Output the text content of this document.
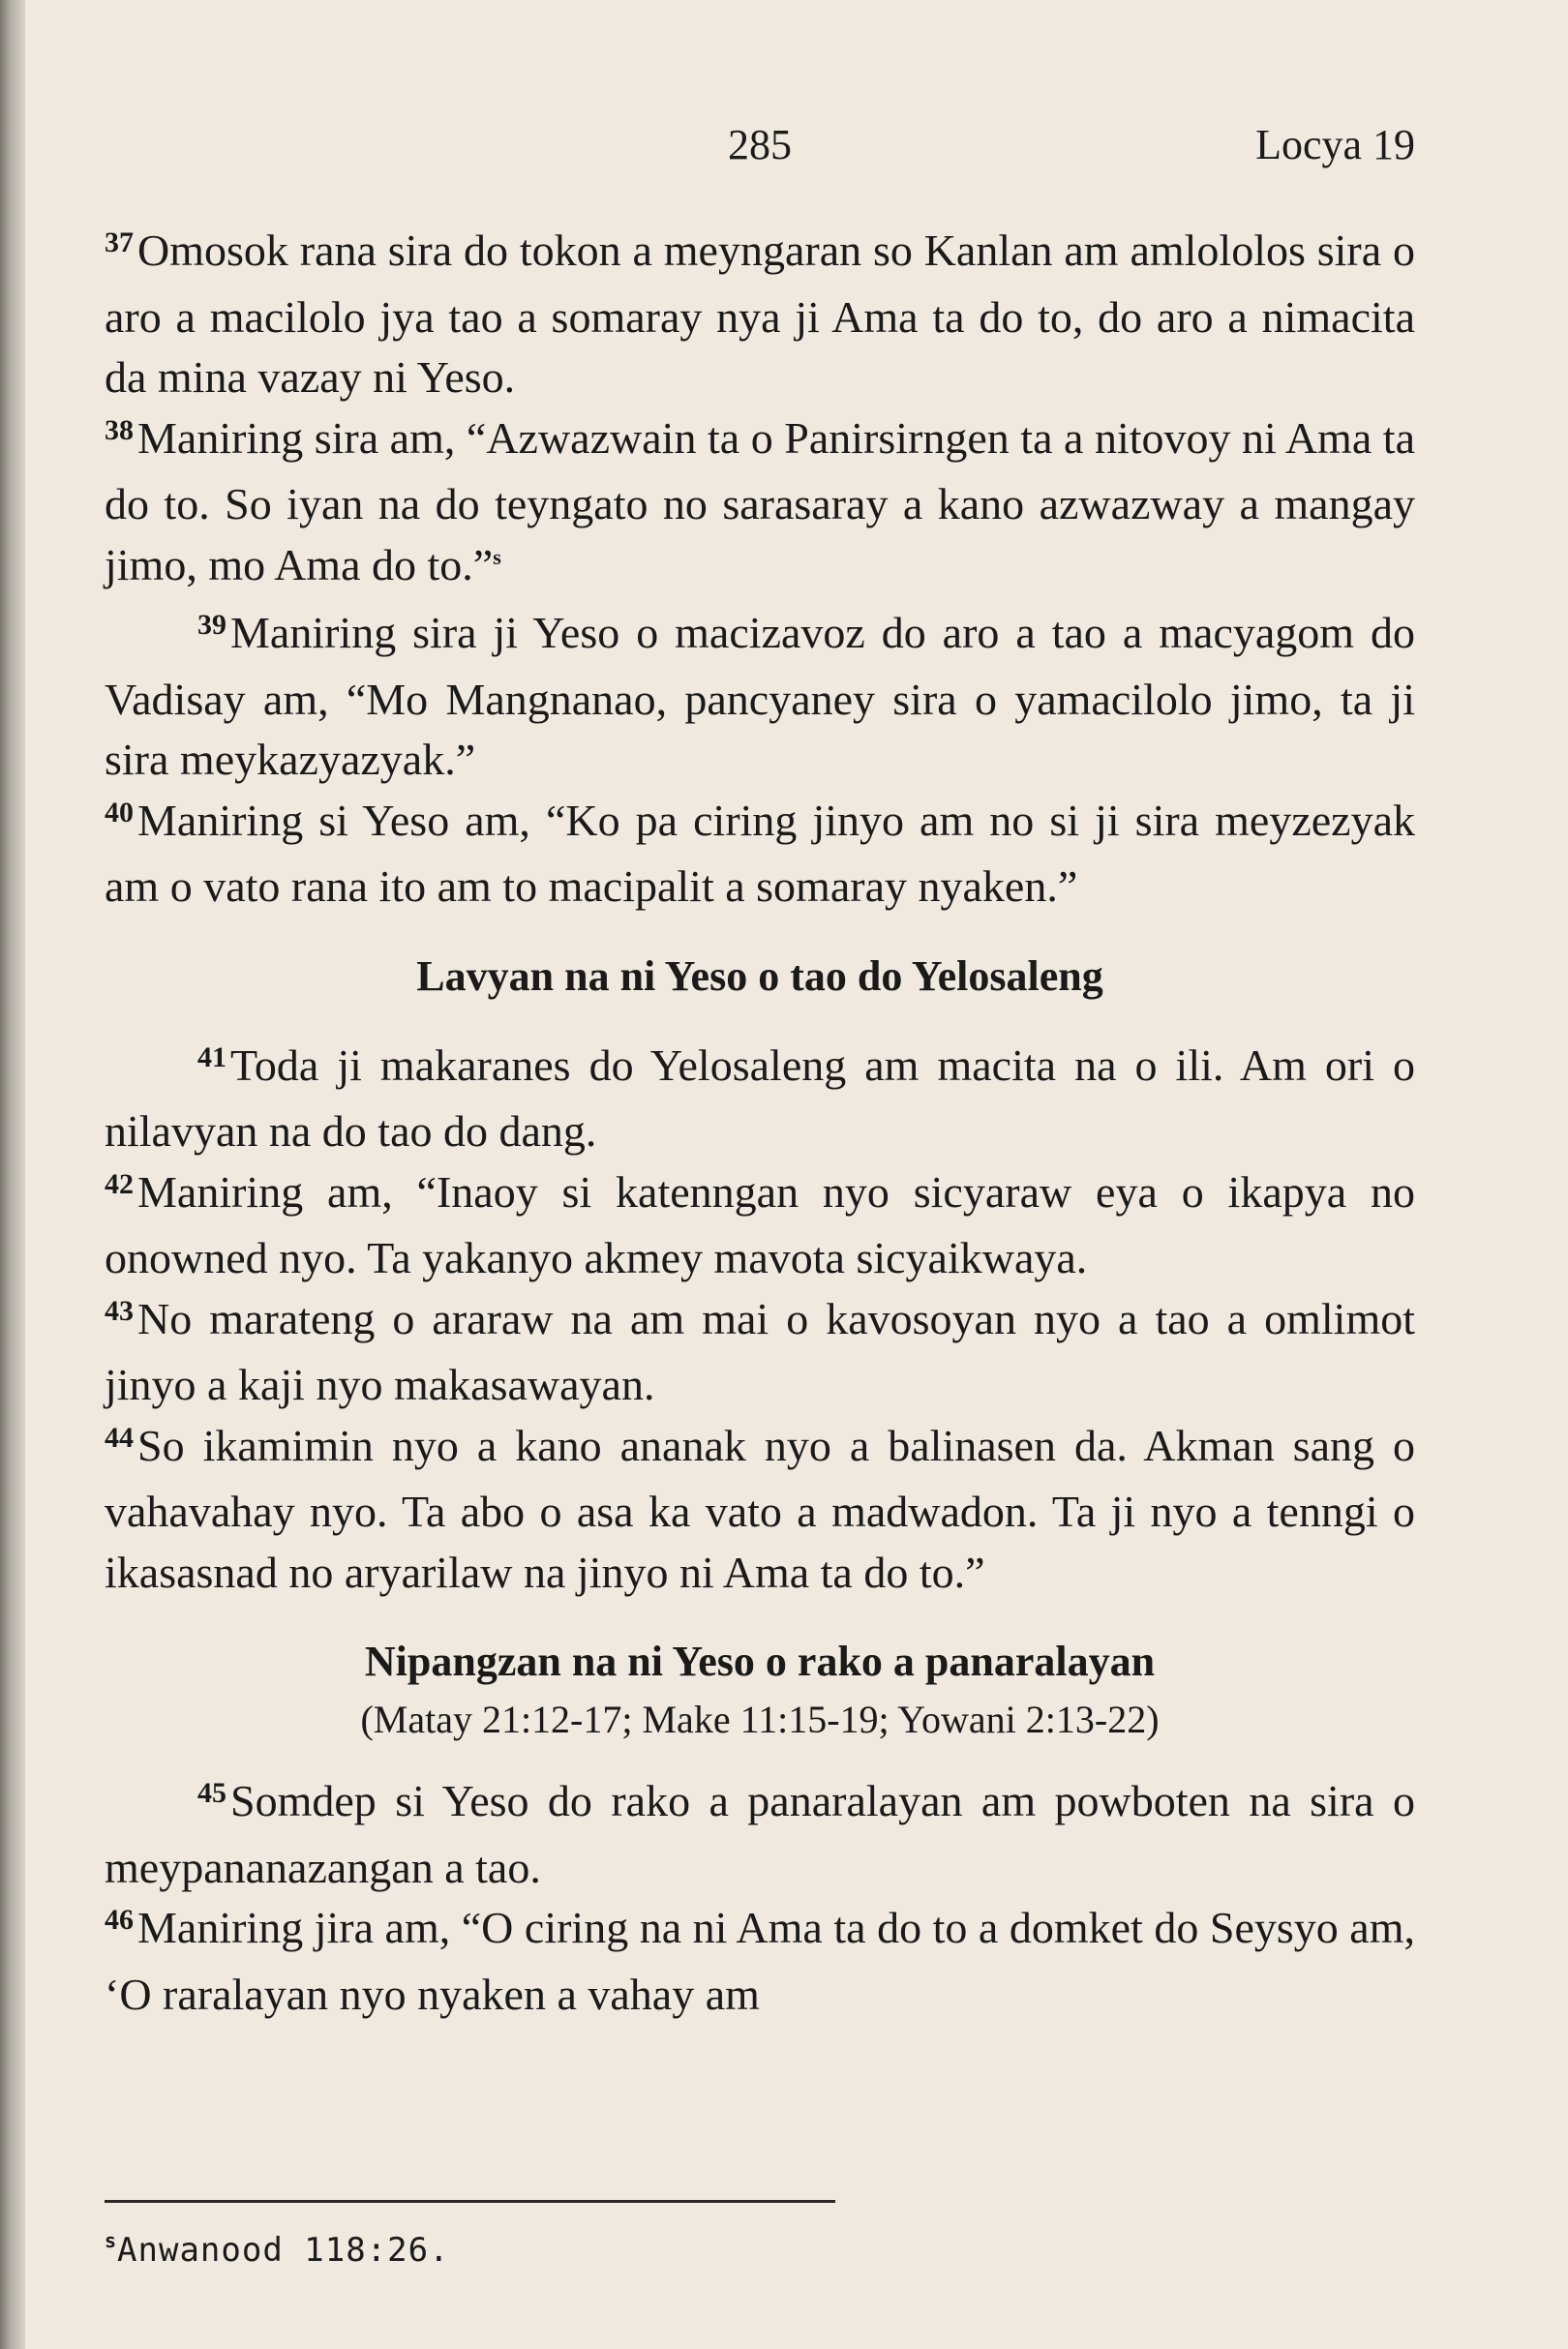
285	Locya 19

$^{37}$Omosok rana sira do tokon a meyngaran so Kanlan am amlololos sira o aro a macilolo jya tao a somaray nya ji Ama ta do to, do aro a nimacita da mina vazay ni Yeso.

$^{38}$Maniring sira am, “Azwazwain ta o Panirsirngen ta a nitovoy ni Ama ta do to. So iyan na do teyngato no sarasaray a kano azwazway a mangay jimo, mo Ama do to.”$^s$

$^{39}$Maniring sira ji Yeso o macizavoz do aro a tao a macyagom do Vadisay am, “Mo Mangnanao, pancyaney sira o yamacilolo jimo, ta ji sira meykazyazyak.”

$^{40}$Maniring si Yeso am, “Ko pa ciring jinyo am no si ji sira meyzezyak am o vato rana ito am to macipalit a somaray nyaken.”

Lavyan na ni Yeso o tao do Yelosaleng

$^{41}$Toda ji makaranes do Yelosaleng am macita na o ili. Am ori o nilavyan na do tao do dang.

$^{42}$Maniring am, “Inaoy si katenngan nyo sicyaraw eya o ikapya no onowned nyo. Ta yakanyo akmey mavota sicyaikwaya.

$^{43}$No marateng o araraw na am mai o kavosoyan nyo a tao a omlimot jinyo a kaji nyo makasawayan.

$^{44}$So ikamimin nyo a kano ananak nyo a balinasen da. Akman sang o vahavahay nyo. Ta abo o asa ka vato a madwadon. Ta ji nyo a tenngi o ikasasnad no aryarilaw na jinyo ni Ama ta do to.”

Nipangzan na ni Yeso o rako a panaralayan

(Matay 21:12-17; Make 11:15-19; Yowani 2:13-22)

$^{45}$Somdep si Yeso do rako a panaralayan am powboten na sira o meypananazangan a tao.

$^{46}$Maniring jira am, “O ciring na ni Ama ta do to a domket do Seysyo am, ‘O raralayan nyo nyaken a vahay am

$^s$Anwanood 118:26.
